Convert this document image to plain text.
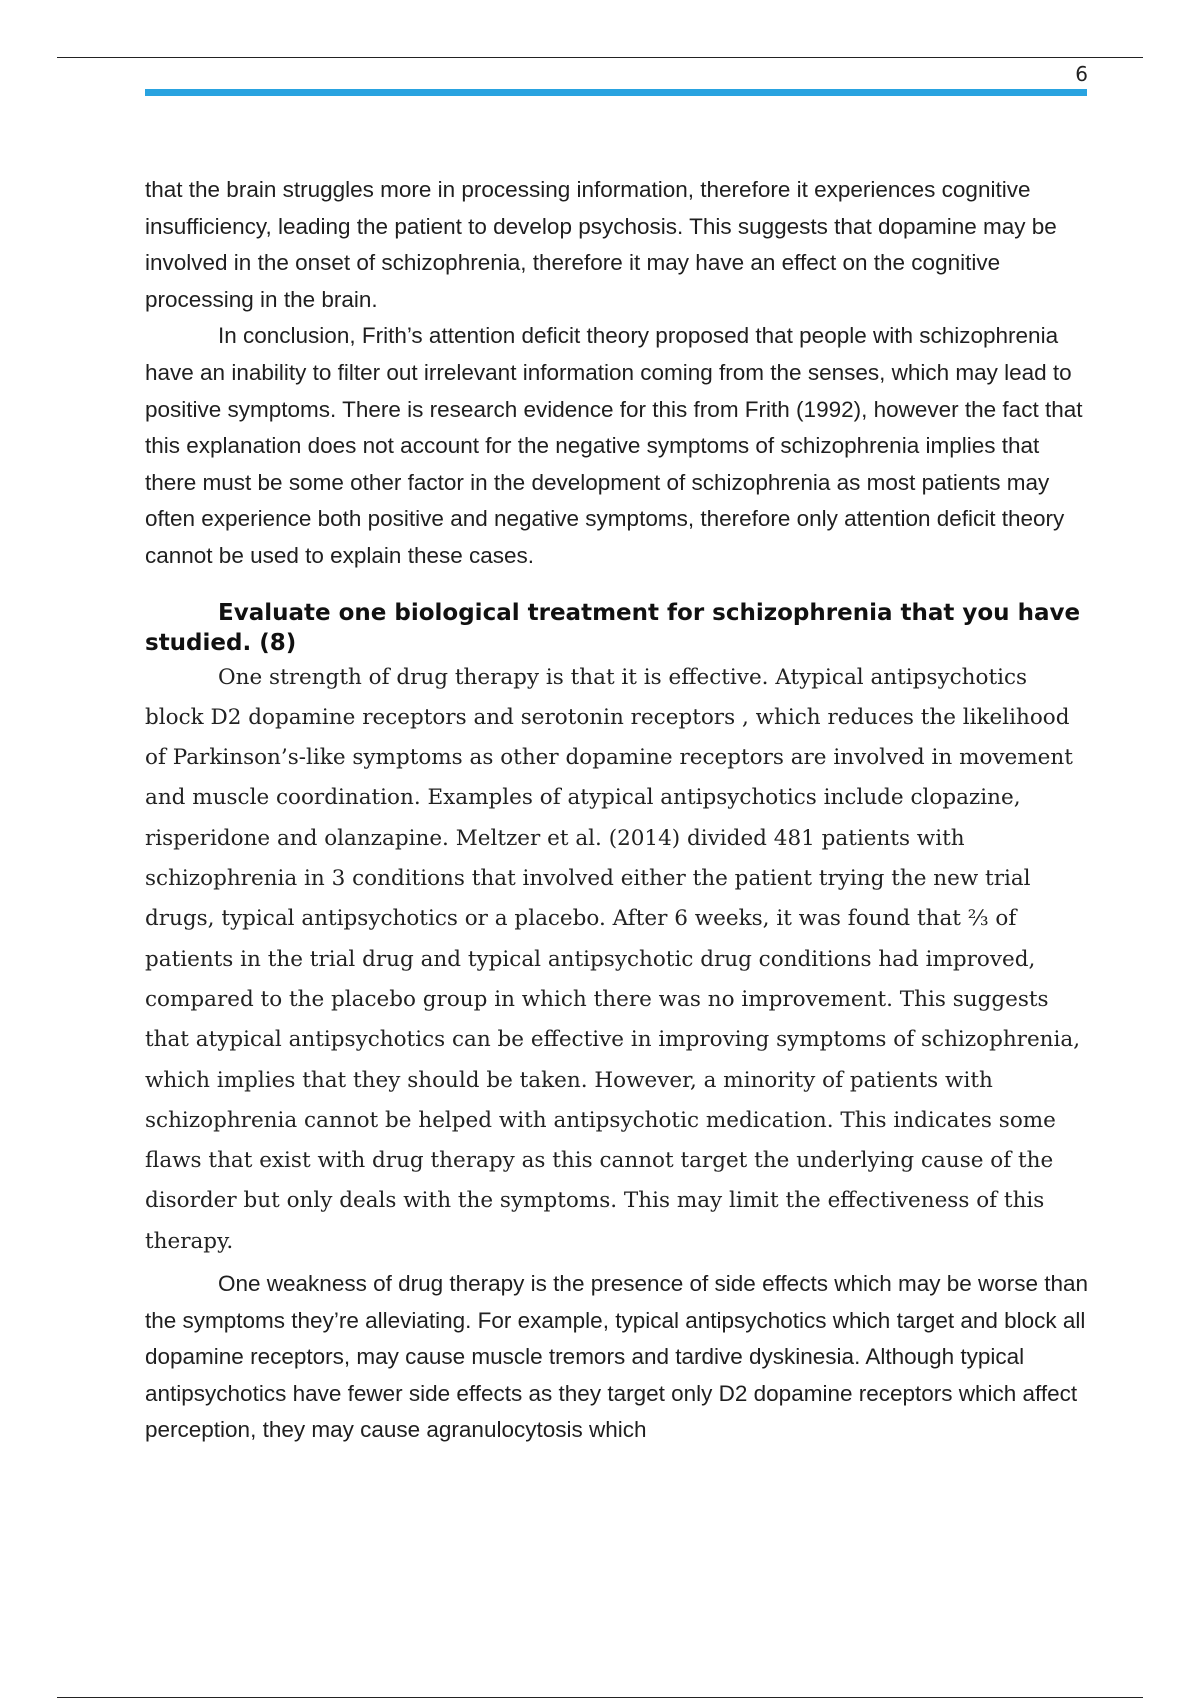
6

that the brain struggles more in processing information, therefore it experiences cognitive insufficiency, leading the patient to develop psychosis. This suggests that dopamine may be involved in the onset of schizophrenia, therefore it may have an effect on the cognitive processing in the brain.

In conclusion, Frith’s attention deficit theory proposed that people with schizophrenia have an inability to filter out irrelevant information coming from the senses, which may lead to positive symptoms. There is research evidence for this from Frith (1992), however the fact that this explanation does not account for the negative symptoms of schizophrenia implies that there must be some other factor in the development of schizophrenia as most patients may often experience both positive and negative symptoms, therefore only attention deficit theory cannot be used to explain these cases.

Evaluate one biological treatment for schizophrenia that you have studied. (8)

One strength of drug therapy is that it is effective. Atypical antipsychotics block D2 dopamine receptors and serotonin receptors , which reduces the likelihood of Parkinson’s-like symptoms as other dopamine receptors are involved in movement and muscle coordination. Examples of atypical antipsychotics include clopazine, risperidone and olanzapine. Meltzer et al. (2014) divided 481 patients with schizophrenia in 3 conditions that involved either the patient trying the new trial drugs, typical antipsychotics or a placebo. After 6 weeks, it was found that ⅔ of patients in the trial drug and typical antipsychotic drug conditions had improved, compared to the placebo group in which there was no improvement. This suggests that atypical antipsychotics can be effective in improving symptoms of schizophrenia, which implies that they should be taken. However, a minority of patients with schizophrenia cannot be helped with antipsychotic medication. This indicates some flaws that exist with drug therapy as this cannot target the underlying cause of the disorder but only deals with the symptoms. This may limit the effectiveness of this therapy.

One weakness of drug therapy is the presence of side effects which may be worse than the symptoms they’re alleviating. For example, typical antipsychotics which target and block all dopamine receptors, may cause muscle tremors and tardive dyskinesia. Although typical antipsychotics have fewer side effects as they target only D2 dopamine receptors which affect perception, they may cause agranulocytosis which
